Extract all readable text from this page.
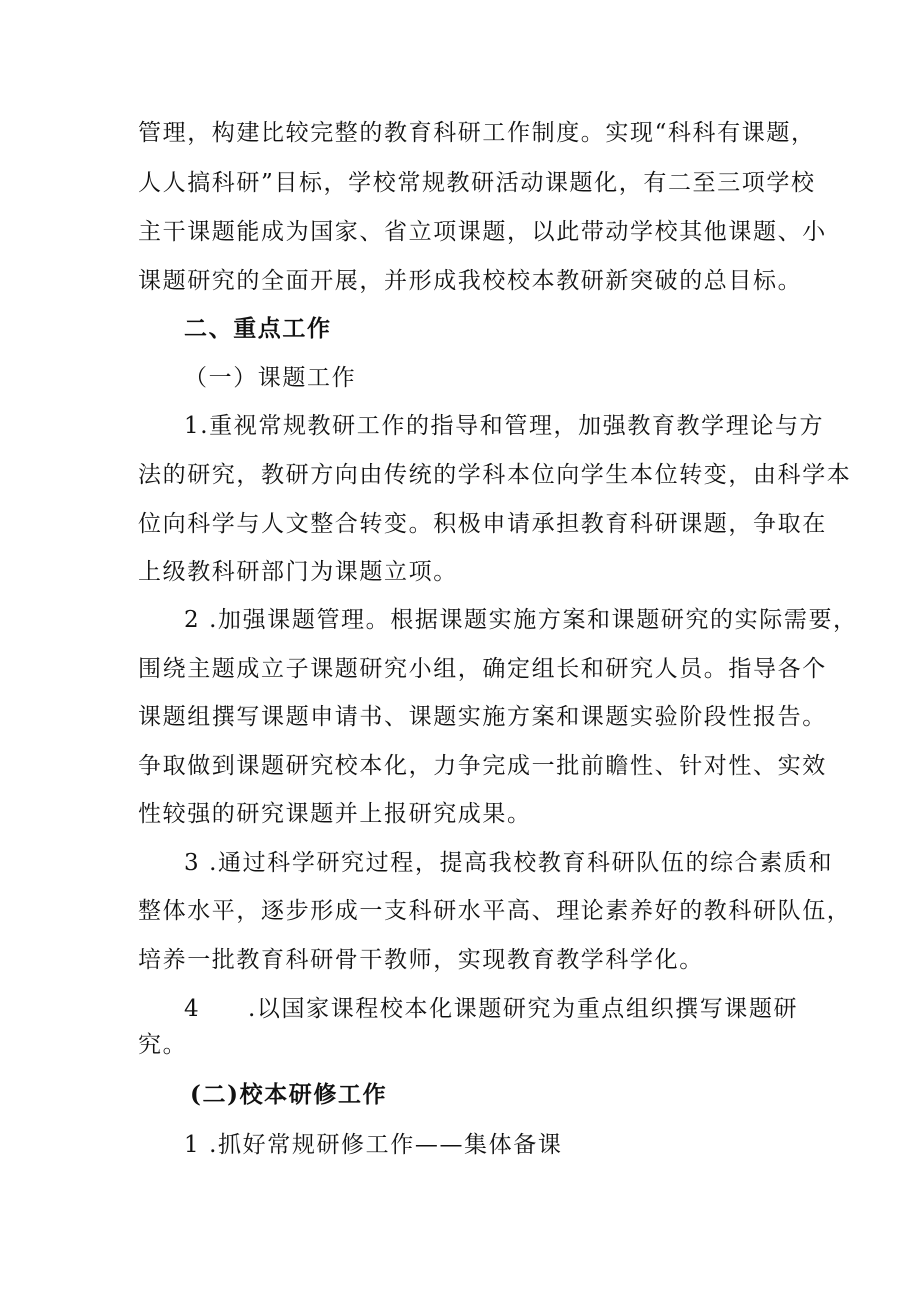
管理，构建比较完整的教育科研工作制度。实现“科科有课题，
人人搞科研”目标，学校常规教研活动课题化，有二至三项学校
主干课题能成为国家、省立项课题，以此带动学校其他课题、小
课题研究的全面开展，并形成我校校本教研新突破的总目标。
二、重点工作
（一）课题工作
1.重视常规教研工作的指导和管理，加强教育教学理论与方
法的研究，教研方向由传统的学科本位向学生本位转变，由科学本
位向科学与人文整合转变。积极申请承担教育科研课题，争取在
上级教科研部门为课题立项。
2 .加强课题管理。根据课题实施方案和课题研究的实际需要，
围绕主题成立子课题研究小组，确定组长和研究人员。指导各个
课题组撰写课题申请书、课题实施方案和课题实验阶段性报告。
争取做到课题研究校本化，力争完成一批前瞻性、针对性、实效
性较强的研究课题并上报研究成果。
3 .通过科学研究过程，提高我校教育科研队伍的综合素质和
整体水平，逐步形成一支科研水平高、理论素养好的教科研队伍，
培养一批教育科研骨干教师，实现教育教学科学化。
4 .以国家课程校本化课题研究为重点组织撰写课题研
究。
(二)校本研修工作
1 .抓好常规研修工作——集体备课
